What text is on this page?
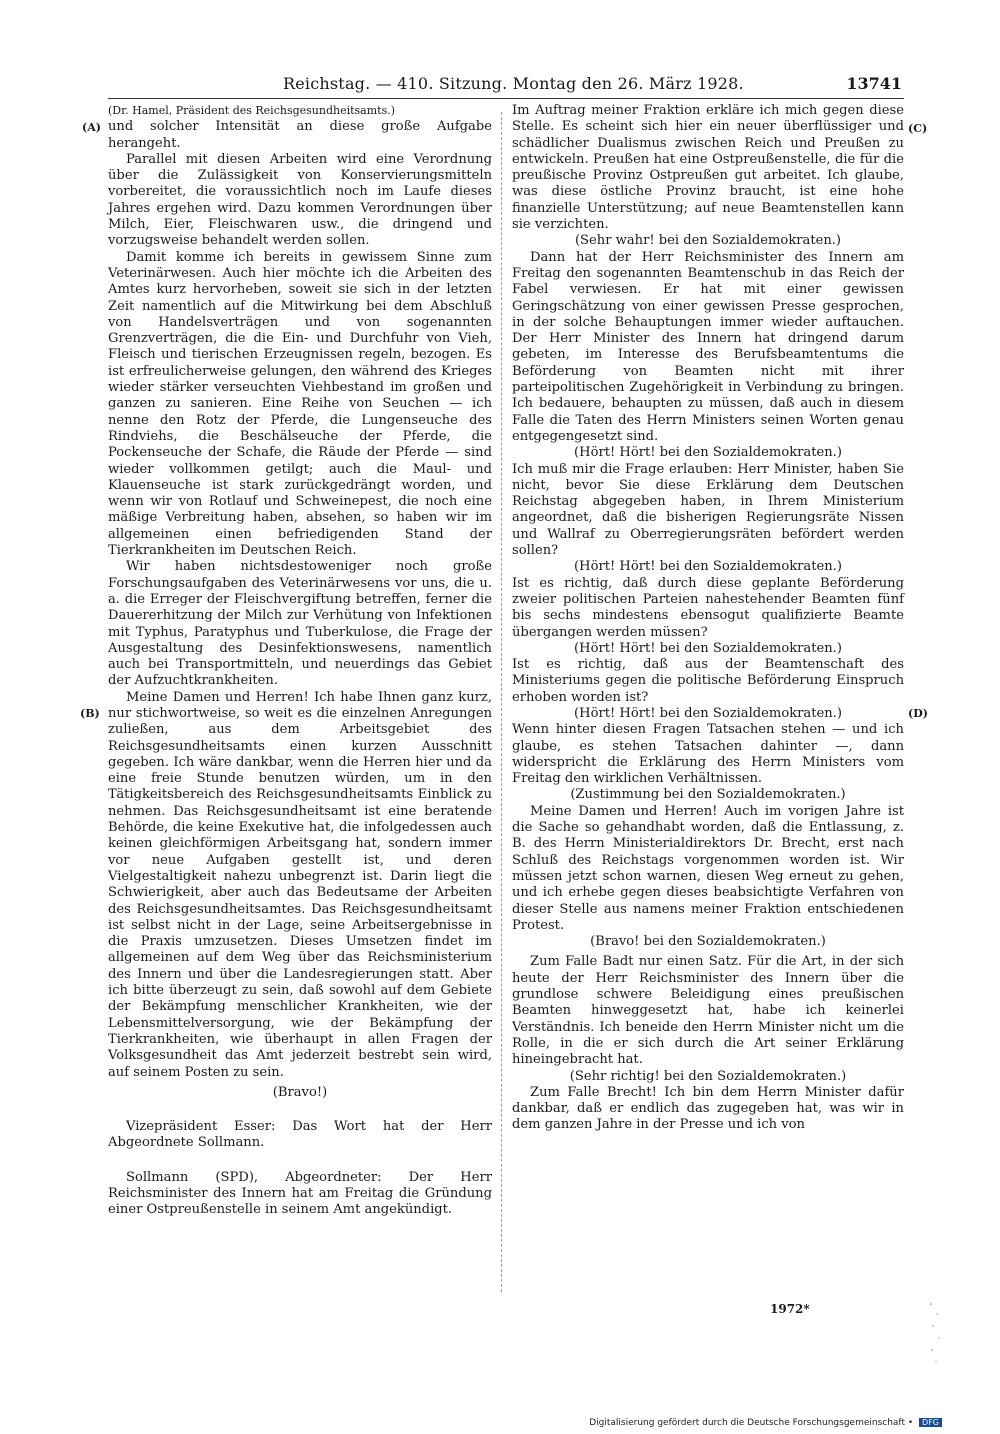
Reichstag. — 410. Sitzung. Montag den 26. März 1928.	13741
(A)
(B)
(C)
(D)

(Dr. Hamel, Präsident des Reichsgesundheitsamts.)

und solcher Intensität an diese große Aufgabe herangeht.

Parallel mit diesen Arbeiten wird eine Verordnung über die Zulässigkeit von Konservierungsmitteln vorbereitet, die voraussichtlich noch im Laufe dieses Jahres ergehen wird. Dazu kommen Verordnungen über Milch, Eier, Fleischwaren usw., die dringend und vorzugsweise behandelt werden sollen.

Damit komme ich bereits in gewissem Sinne zum Veterinärwesen. Auch hier möchte ich die Arbeiten des Amtes kurz hervorheben, soweit sie sich in der letzten Zeit namentlich auf die Mitwirkung bei dem Abschluß von Handelsverträgen und von sogenannten Grenzverträgen, die die Ein- und Durchfuhr von Vieh, Fleisch und tierischen Erzeugnissen regeln, bezogen. Es ist erfreulicherweise gelungen, den während des Krieges wieder stärker verseuchten Viehbestand im großen und ganzen zu sanieren. Eine Reihe von Seuchen — ich nenne den Rotz der Pferde, die Lungenseuche des Rindviehs, die Beschälseuche der Pferde, die Pockenseuche der Schafe, die Räude der Pferde — sind wieder vollkommen getilgt; auch die Maul- und Klauenseuche ist stark zurückgedrängt worden, und wenn wir von Rotlauf und Schweinepest, die noch eine mäßige Verbreitung haben, absehen, so haben wir im allgemeinen einen befriedigenden Stand der Tierkrankheiten im Deutschen Reich.

Wir haben nichtsdestoweniger noch große Forschungsaufgaben des Veterinärwesens vor uns, die u. a. die Erreger der Fleischvergiftung betreffen, ferner die Dauererhitzung der Milch zur Verhütung von Infektionen mit Typhus, Paratyphus und Tuberkulose, die Frage der Ausgestaltung des Desinfektionswesens, namentlich auch bei Transportmitteln, und neuerdings das Gebiet der Aufzuchtkrankheiten.

Meine Damen und Herren! Ich habe Ihnen ganz kurz, nur stichwortweise, so weit es die einzelnen Anregungen zuließen, aus dem Arbeitsgebiet des Reichsgesundheitsamts einen kurzen Ausschnitt gegeben. Ich wäre dankbar, wenn die Herren hier und da eine freie Stunde benutzen würden, um in den Tätigkeitsbereich des Reichsgesundheitsamts Einblick zu nehmen. Das Reichsgesundheitsamt ist eine beratende Behörde, die keine Exekutive hat, die infolgedessen auch keinen gleichförmigen Arbeitsgang hat, sondern immer vor neue Aufgaben gestellt ist, und deren Vielgestaltigkeit nahezu unbegrenzt ist. Darin liegt die Schwierigkeit, aber auch das Bedeutsame der Arbeiten des Reichsgesundheitsamtes. Das Reichsgesundheitsamt ist selbst nicht in der Lage, seine Arbeitsergebnisse in die Praxis umzusetzen. Dieses Umsetzen findet im allgemeinen auf dem Weg über das Reichsministerium des Innern und über die Landesregierungen statt. Aber ich bitte überzeugt zu sein, daß sowohl auf dem Gebiete der Bekämpfung menschlicher Krankheiten, wie der Lebensmittelversorgung, wie der Bekämpfung der Tierkrankheiten, wie überhaupt in allen Fragen der Volksgesundheit das Amt jederzeit bestrebt sein wird, auf seinem Posten zu sein.

(Bravo!)

Vizepräsident Esser: Das Wort hat der Herr Abgeordnete Sollmann.

Sollmann (SPD), Abgeordneter: Der Herr Reichsminister des Innern hat am Freitag die Gründung einer Ostpreußenstelle in seinem Amt angekündigt.

Im Auftrag meiner Fraktion erkläre ich mich gegen diese Stelle. Es scheint sich hier ein neuer überflüssiger und schädlicher Dualismus zwischen Reich und Preußen zu entwickeln. Preußen hat eine Ostpreußenstelle, die für die preußische Provinz Ostpreußen gut arbeitet. Ich glaube, was diese östliche Provinz braucht, ist eine hohe finanzielle Unterstützung; auf neue Beamtenstellen kann sie verzichten.

(Sehr wahr! bei den Sozialdemokraten.)

Dann hat der Herr Reichsminister des Innern am Freitag den sogenannten Beamtenschub in das Reich der Fabel verwiesen. Er hat mit einer gewissen Geringschätzung von einer gewissen Presse gesprochen, in der solche Behauptungen immer wieder auftauchen. Der Herr Minister des Innern hat dringend darum gebeten, im Interesse des Berufsbeamtentums die Beförderung von Beamten nicht mit ihrer parteipolitischen Zugehörigkeit in Verbindung zu bringen. Ich bedauere, behaupten zu müssen, daß auch in diesem Falle die Taten des Herrn Ministers seinen Worten genau entgegengesetzt sind.

(Hört! Hört! bei den Sozialdemokraten.)

Ich muß mir die Frage erlauben: Herr Minister, haben Sie nicht, bevor Sie diese Erklärung dem Deutschen Reichstag abgegeben haben, in Ihrem Ministerium angeordnet, daß die bisherigen Regierungsräte Nissen und Wallraf zu Oberregierungsräten befördert werden sollen?

(Hört! Hört! bei den Sozialdemokraten.)

Ist es richtig, daß durch diese geplante Beförderung zweier politischen Parteien nahestehender Beamten fünf bis sechs mindestens ebensogut qualifizierte Beamte übergangen werden müssen?

(Hört! Hört! bei den Sozialdemokraten.)

Ist es richtig, daß aus der Beamtenschaft des Ministeriums gegen die politische Beförderung Einspruch erhoben worden ist?

(Hört! Hört! bei den Sozialdemokraten.)

Wenn hinter diesen Fragen Tatsachen stehen — und ich glaube, es stehen Tatsachen dahinter —, dann widerspricht die Erklärung des Herrn Ministers vom Freitag den wirklichen Verhältnissen.

(Zustimmung bei den Sozialdemokraten.)

Meine Damen und Herren! Auch im vorigen Jahre ist die Sache so gehandhabt worden, daß die Entlassung, z. B. des Herrn Ministerialdirektors Dr. Brecht, erst nach Schluß des Reichstags vorgenommen worden ist. Wir müssen jetzt schon warnen, diesen Weg erneut zu gehen, und ich erhebe gegen dieses beabsichtigte Verfahren von dieser Stelle aus namens meiner Fraktion entschiedenen Protest.

(Bravo! bei den Sozialdemokraten.)

Zum Falle Badt nur einen Satz. Für die Art, in der sich heute der Herr Reichsminister des Innern über die grundlose schwere Beleidigung eines preußischen Beamten hinweggesetzt hat, habe ich keinerlei Verständnis. Ich beneide den Herrn Minister nicht um die Rolle, in die er sich durch die Art seiner Erklärung hineingebracht hat.

(Sehr richtig! bei den Sozialdemokraten.)

Zum Falle Brecht! Ich bin dem Herrn Minister dafür dankbar, daß er endlich das zugegeben hat, was wir in dem ganzen Jahre in der Presse und ich von

1972*
Digitalisierung gefördert durch die Deutsche Forschungsgemeinschaft • DFG
